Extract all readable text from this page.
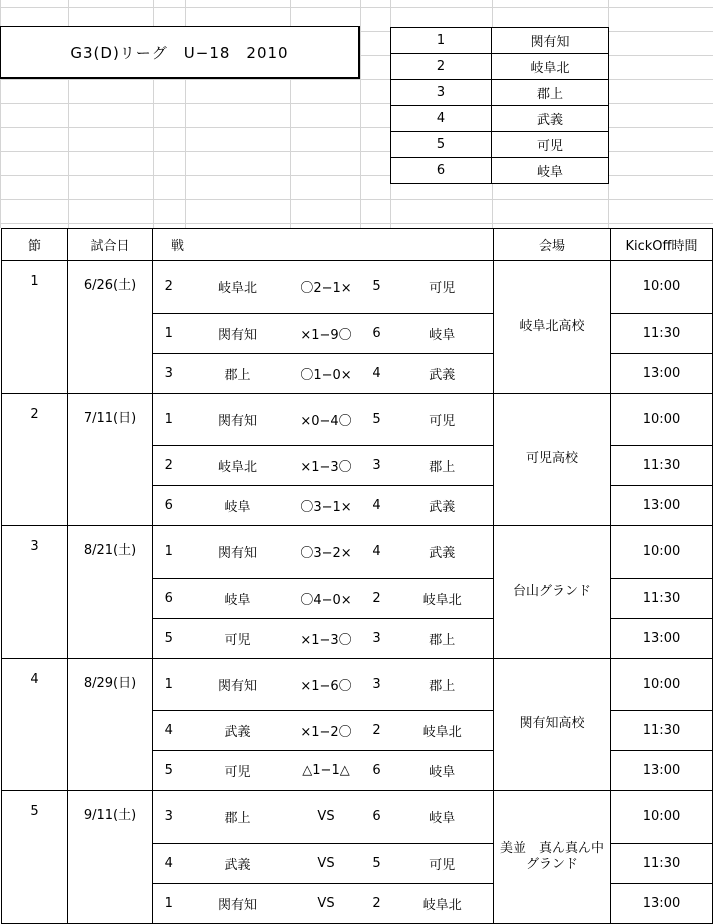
G3(D)リーグ　U−18　2010
1	関有知
2	岐阜北
3	郡上
4	武義
5	可児
6	岐阜
節	試合日	戦					会場	KickOff時間
1	6/26(土)	2	岐阜北	〇2−1×	5	可児	岐阜北高校	10:00
		1	関有知	×1−9〇	6	岐阜		11:30
		3	郡上	〇1−0×	4	武義		13:00
2	7/11(日)	1	関有知	×0−4〇	5	可児	可児高校	10:00
		2	岐阜北	×1−3〇	3	郡上		11:30
		6	岐阜	〇3−1×	4	武義		13:00
3	8/21(土)	1	関有知	〇3−2×	4	武義	台山グランド	10:00
		6	岐阜	〇4−0×	2	岐阜北		11:30
		5	可児	×1−3〇	3	郡上		13:00
4	8/29(日)	1	関有知	×1−6〇	3	郡上	関有知高校	10:00
		4	武義	×1−2〇	2	岐阜北		11:30
		5	可児	△1−1△	6	岐阜		13:00
5	9/11(土)	3	郡上	VS	6	岐阜	美並　真ん真ん中グランド	10:00
		4	武義	VS	5	可児		11:30
		1	関有知	VS	2	岐阜北		13:00
